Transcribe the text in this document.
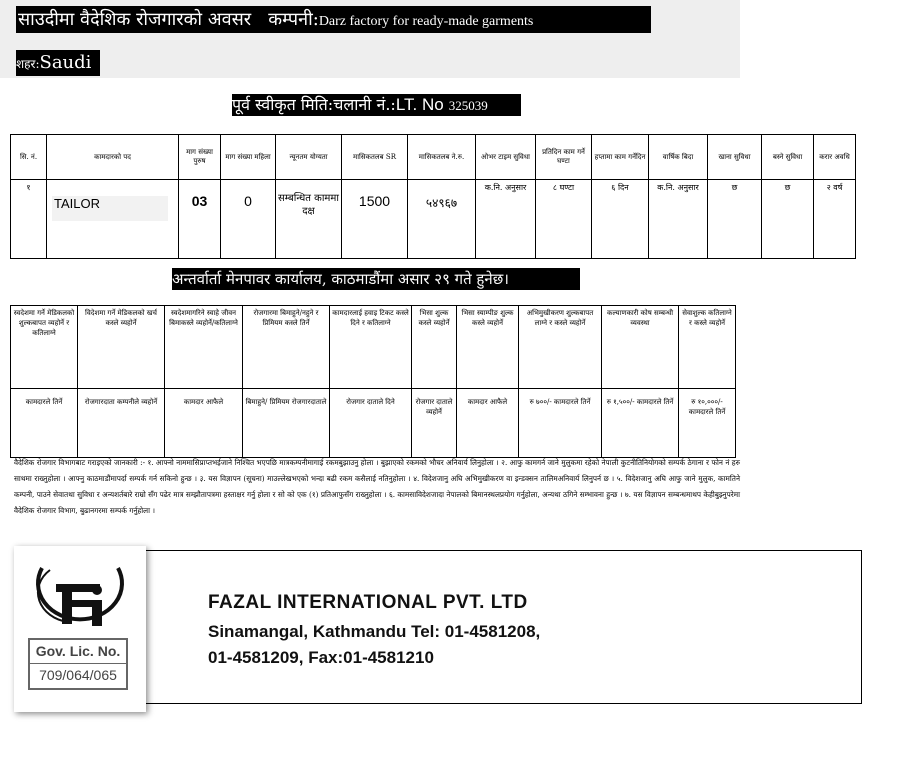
साउदीमा वैदेशिक रोजगारको अवसर कम्पनी:Darz factory for ready-made garments
शहर:Saudi
पूर्व स्वीकृत मिति:चलानी नं.:LT. No 325039
सि. नं.	कामदारको पद	माग संख्या पुरुष	माग संख्या महिला	न्यूनतम योग्यता	मासिकतलब SR	मासिकतलब ने.रु.	ओभर टाइम सुविधा	प्रतिदिन काम गर्ने घण्टा	हप्तामा काम गर्नेदिन	वार्षिक बिदा	खाना सुविधा	बस्ने सुविधा	करार अवधि
१	TAILOR	03	0	सम्बन्धित काममा दक्ष	1500	५४९६७	क.नि. अनुसार	८ घण्टा	६ दिन	क.नि. अनुसार	छ	छ	२ वर्ष
अन्तर्वार्ता मेनपावर कार्यालय, काठमाडौंमा असार २९ गते हुनेछ।
स्वदेशमा गर्ने मेडिकलको शुल्कबापत व्यहोर्ने र कतिलाग्ने	विदेशमा गर्ने मेडिकलको खर्च कस्ले व्यहोर्ने	स्वदेशमागरिने स्वाहे जीवन बिमाकस्ले व्यहोर्ने/कतिलाग्ने	रोजगारमा बिमाहुने/नहुने र प्रिमियम कस्ले तिर्ने	कामदारलाई हवाइ टिकट कस्ले दिने र कतिलाग्ने	भिसा शुल्क कस्ले व्यहोर्ने	भिसा स्याम्पीङ शुल्क कस्ले व्यहोर्ने	अभिमुखीकरण शुल्कबापत लाग्ने र कस्ले व्यहोर्ने	कल्याणकारी कोष सम्बन्धी व्यवस्था	सेवाशुल्क कतिलाग्ने र कस्ले व्यहोर्ने
कामदारले तिर्ने	रोजगारदाता कम्पनीले व्यहोर्ने	कामदार आफैले	बिमाहुने/ प्रिमियम रोजगारदाताले	रोजगार दाताले दिने	रोजगार दाताले व्यहोर्ने	कामदार आफैले	रु ७००/- कामदारले तिर्ने	रु १,५००/- कामदारले तिर्ने	रु १०,०००/- कामदारले तिर्ने
वैदेशिक रोजगार विभागबाट गराइएको जानकारी :- १. आफ्नो नाममासिप्राप्तभईजाने निश्चित भएपछि मात्रकम्पनीमागाई रकमबुझाउनु होला । बुझाएको रकमको भौचर अनिवार्य लिनुहोला । २. आफु कामगर्न जाने मुलुकमा रहेको नेपाली कुटनीतिनियोगको सम्पर्क ठेगाना र फोन नं हरु साथमा राख्नुहोला । आफ्नु काठमाडौंमापर्दा सम्पर्क गर्न सकिनो हुन्छ । ३. यस विज्ञापन (सूचना) माउल्लेखभएको भन्दा बढी रकम कसैलाई नतिनुहोला । ४. विदेशजानु अघि अभिमुखीकरण वा इन्डक्सन तालिमअनिवार्य लिनुपर्न छ । ५. विदेशजानु अघि आफु जाने मुलुक, कामतिने कम्पनी, पाउने सेवातथा सुविधा र अन्यशर्तबारे राम्रो सँग पढेर मात्र सम्झौतापत्रमा हस्ताक्षर गर्नु होला र सो को एक (१) प्रतिआफुसँग राख्नुहोला । ६. कामसाविदेशजादा नेपालको बिमानस्थलप्रयोग गर्नुहोला, अन्यथा ठगिने सम्भावना हुन्छ । ७. यस विज्ञापन सम्बन्धमाथप केहीबुझ्नुपरेमा वैदेशिक रोजगार विभाग, बुढानगरमा सम्पर्क गर्नुहोला ।
Gov. Lic. No.
709/064/065
FAZAL INTERNATIONAL PVT. LTD
Sinamangal, Kathmandu Tel: 01-4581208,
01-4581209, Fax:01-4581210
